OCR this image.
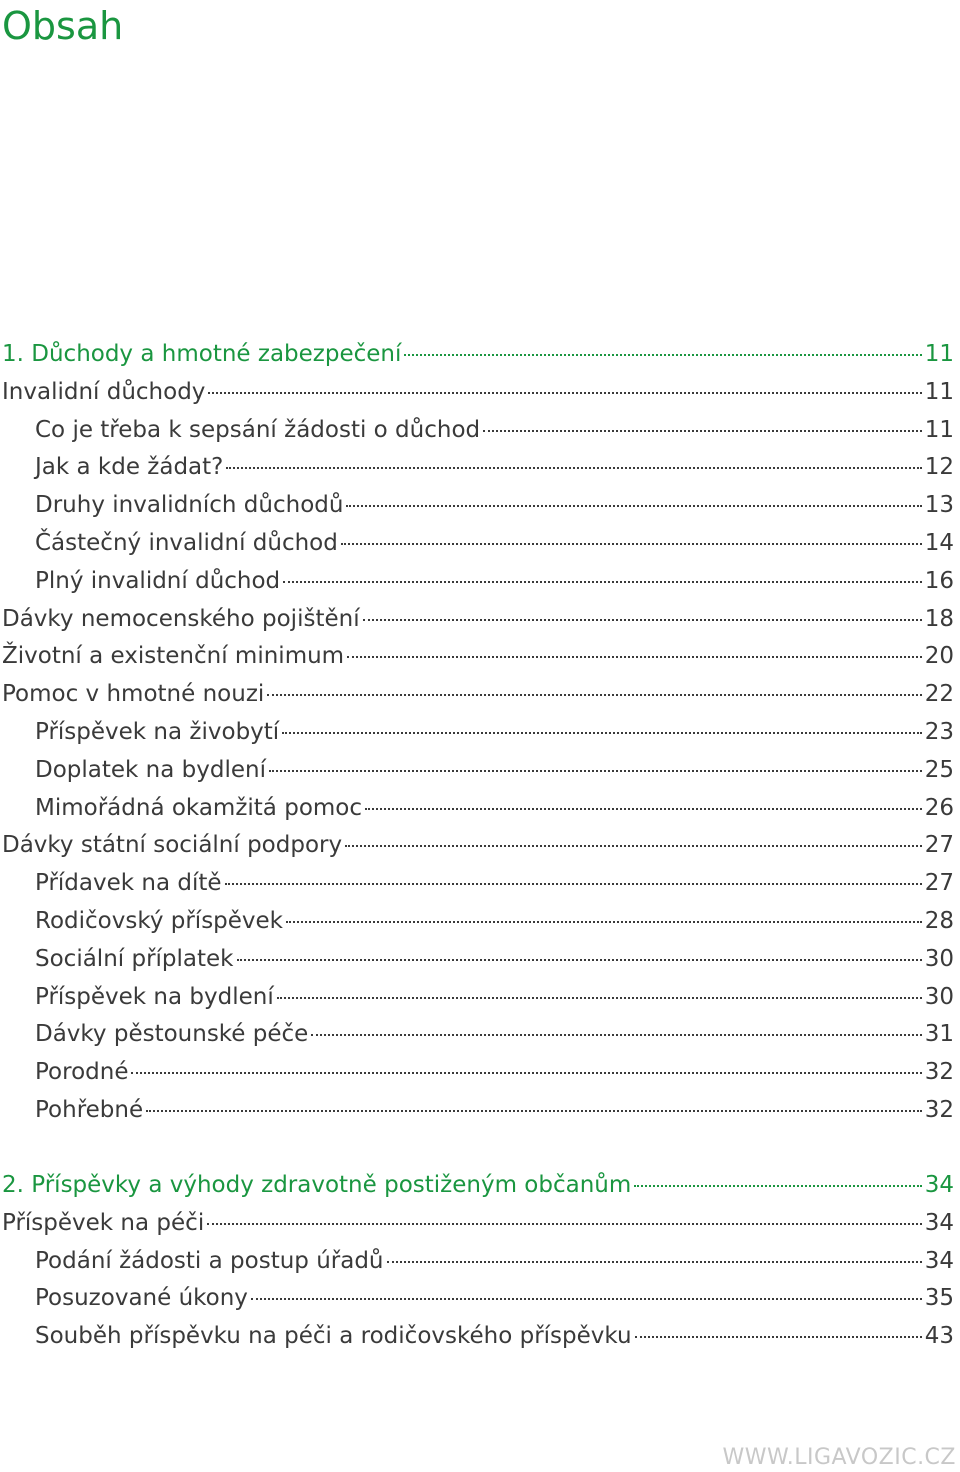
Obsah
1. Důchody a hmotné zabezpečení	11
Invalidní důchody	11
Co je třeba k sepsání žádosti o důchod	11
Jak a kde žádat?	12
Druhy invalidních důchodů	13
Částečný invalidní důchod	14
Plný invalidní důchod	16
Dávky nemocenského pojištění	18
Životní a existenční minimum	20
Pomoc v hmotné nouzi	22
Příspěvek na živobytí	23
Doplatek na bydlení	25
Mimořádná okamžitá pomoc	26
Dávky státní sociální podpory	27
Přídavek na dítě	27
Rodičovský příspěvek	28
Sociální příplatek	30
Příspěvek na bydlení	30
Dávky pěstounské péče	31
Porodné	32
Pohřebné	32
2. Příspěvky a výhody zdravotně postiženým občanům	34
Příspěvek na péči	34
Podání žádosti a postup úřadů	34
Posuzované úkony	35
Souběh příspěvku na péči a rodičovského příspěvku	43
WWW.LIGAVOZIC.CZ
